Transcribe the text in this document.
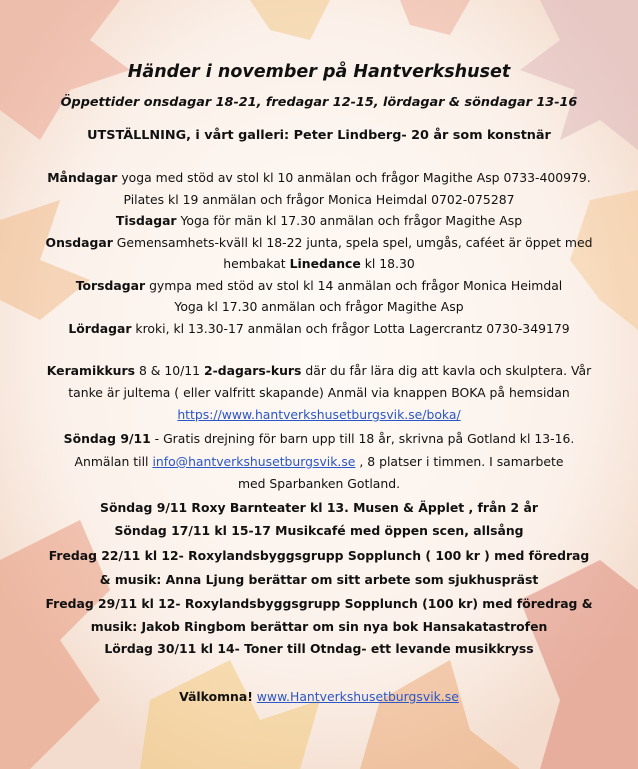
Händer i november på Hantverkshuset
Öppettider onsdagar 18-21, fredagar 12-15, lördagar & söndagar 13-16
UTSTÄLLNING, i vårt galleri: Peter Lindberg- 20 år som konstnär
Måndagar yoga med stöd av stol kl 10 anmälan och frågor Magithe Asp 0733-400979.
Pilates kl 19 anmälan och frågor Monica Heimdal 0702-075287
Tisdagar Yoga för män kl 17.30 anmälan och frågor Magithe Asp
Onsdagar Gemensamhets-kväll kl 18-22 junta, spela spel, umgås, caféet är öppet med
hembakat Linedance kl 18.30
Torsdagar gympa med stöd av stol kl 14 anmälan och frågor Monica Heimdal
Yoga kl 17.30 anmälan och frågor Magithe Asp
Lördagar kroki, kl 13.30-17 anmälan och frågor Lotta Lagercrantz 0730-349179
Keramikkurs 8 & 10/11 2-dagars-kurs där du får lära dig att kavla och skulptera. Vår
tanke är jultema ( eller valfritt skapande) Anmäl via knappen BOKA på hemsidan
https://www.hantverkshusetburgsvik.se/boka/
Söndag 9/11 - Gratis drejning för barn upp till 18 år, skrivna på Gotland kl 13-16.
Anmälan till info@hantverkshusetburgsvik.se , 8 platser i timmen. I samarbete
med Sparbanken Gotland.
Söndag 9/11 Roxy Barnteater kl 13. Musen & Äpplet , från 2 år
Söndag 17/11 kl 15-17 Musikcafé med öppen scen, allsång
Fredag 22/11 kl 12- Roxylandsbyggsgrupp Sopplunch ( 100 kr ) med föredrag
& musik: Anna Ljung berättar om sitt arbete som sjukhuspräst
Fredag 29/11 kl 12- Roxylandsbyggsgrupp Sopplunch (100 kr) med föredrag &
musik: Jakob Ringbom berättar om sin nya bok Hansakatastrofen
Lördag 30/11 kl 14- Toner till Otndag- ett levande musikkryss
Välkomna! www.Hantverkshusetburgsvik.se
